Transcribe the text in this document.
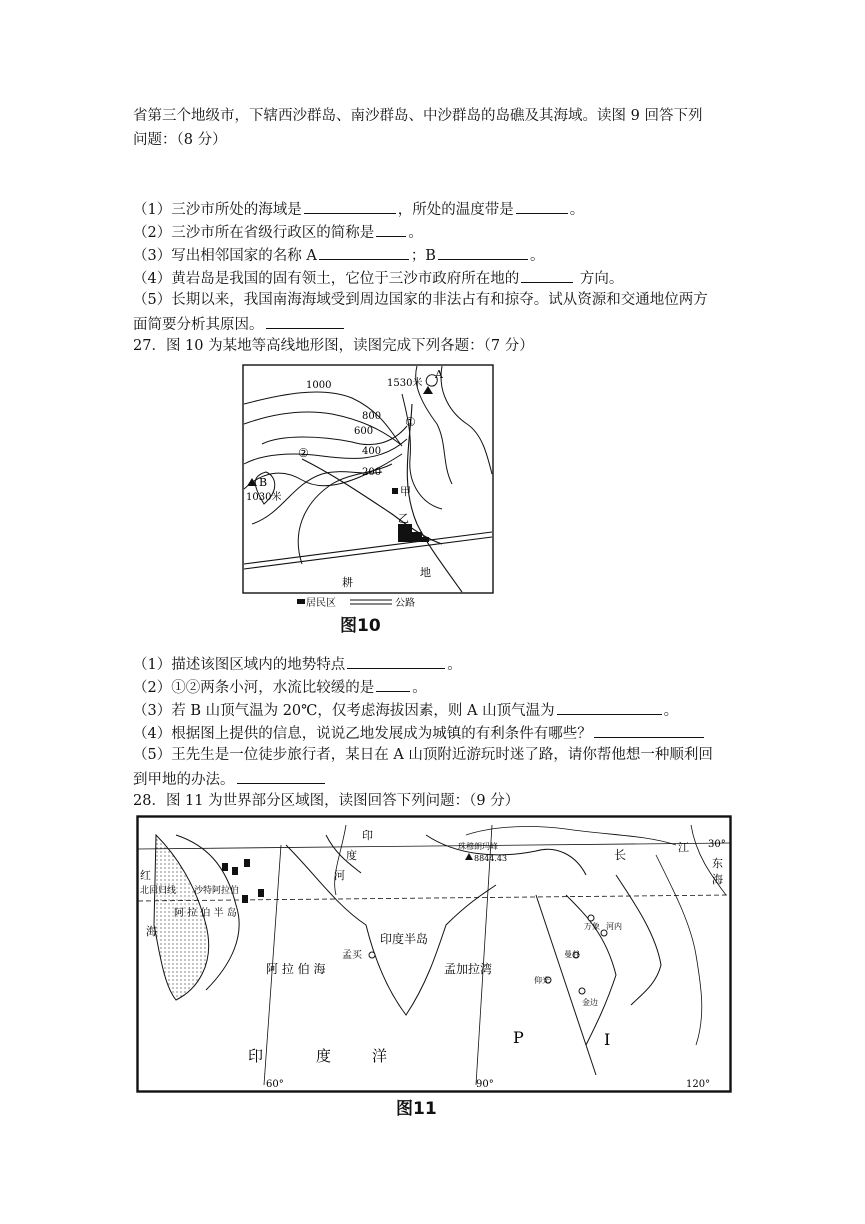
省第三个地级市，下辖西沙群岛、南沙群岛、中沙群岛的岛礁及其海域。读图 9 回答下列
问题：（8 分）
（1）三沙市所处的海域是	，所处的温度带是	。
（2）三沙市所在省级行政区的简称是 。
（3）写出相邻国家的名称 A	；B	。
（4）黄岩岛是我国的固有领土，它位于三沙市政府所在地的	方向。
（5）长期以来，我国南海海域受到周边国家的非法占有和掠夺。试从资源和交通地位两方
面简要分析其原因。
27．图 10 为某地等高线地形图，读图完成下列各题：（7 分）
1000	1530米
A
800
600
400
200
①
②
B
1030米	甲
乙
耕
地
居民区	公路
图10
（1）描述该图区域内的地势特点	。
（2）①②两条小河，水流比较缓的是	。
（3）若 B 山顶气温为 20℃，仅考虑海拔因素，则 A 山顶气温为	。
（4）根据图上提供的信息，说说乙地发展成为城镇的有利条件有哪些？
（5）王先生是一位徒步旅行者，某日在 A 山顶附近游玩时迷了路，请你帮他想一种顺利回
到甲地的办法。
28．图 11 为世界部分区域图，读图回答下列问题：（9 分）
红
海
北回归线 沙特阿拉伯
阿 拉 伯 半 岛
印
度
河
珠穆朗玛峰
8844.43	长
江 30°
东
海
孟买
印度半岛
阿 拉 伯 海	孟加拉湾
万象 河内
金边
曼谷
仰光
印	度	洋
P	I
60°	90°	120°
图11
